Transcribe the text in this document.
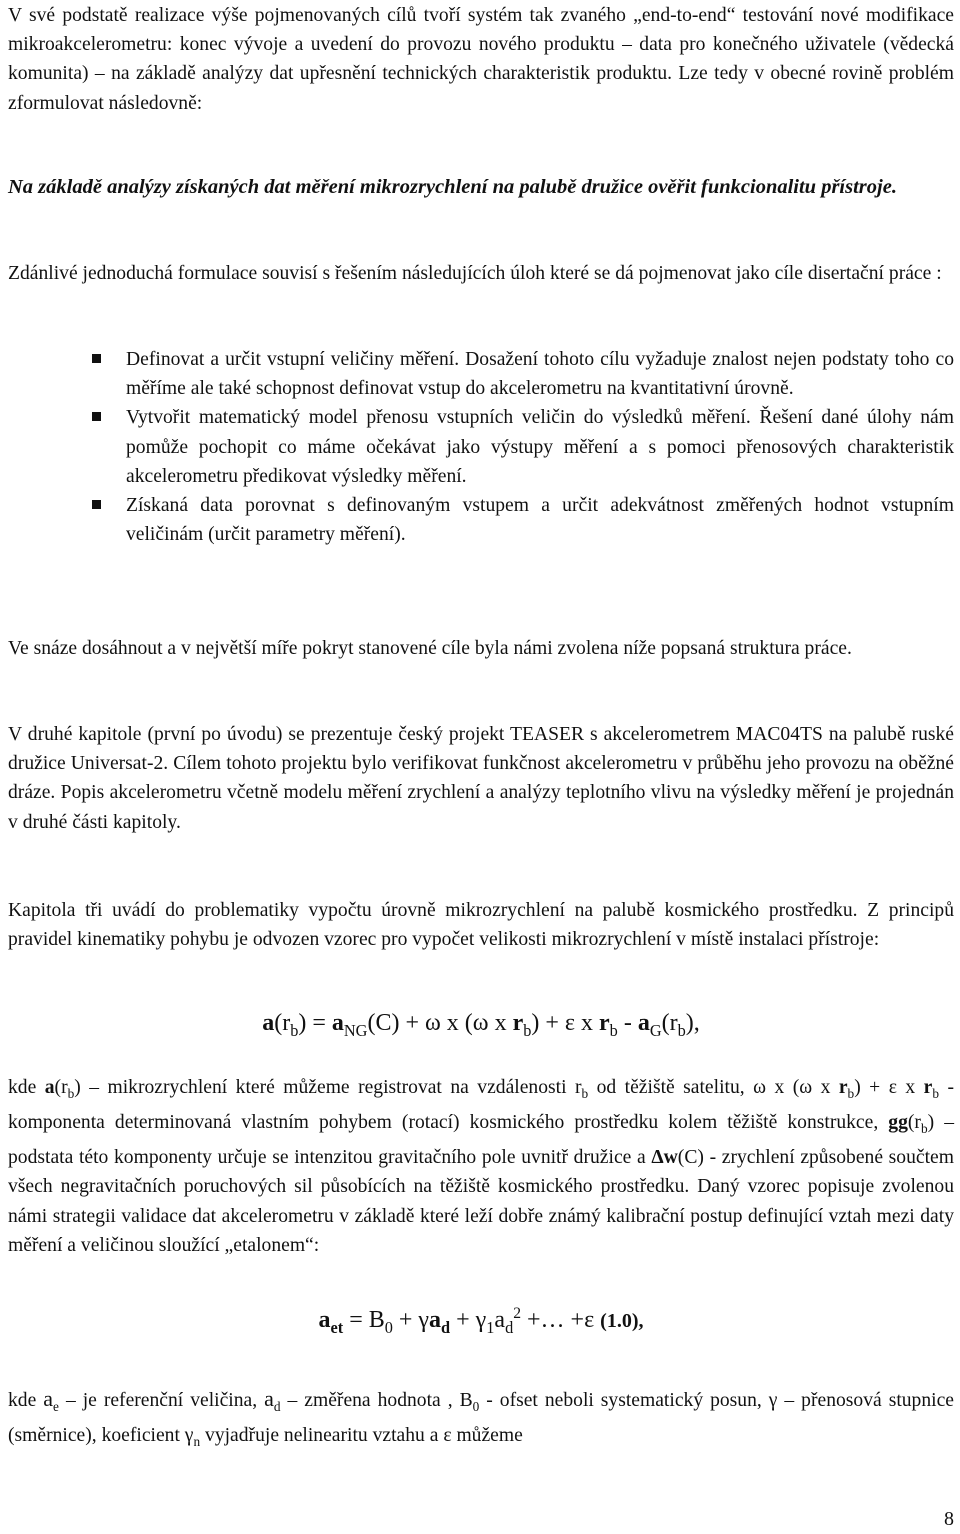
V své podstatě realizace výše pojmenovaných cílů tvoří systém tak zvaného „end-to-end“ testování nové modifikace mikroakcelerometru: konec vývoje a uvedení do provozu nového produktu – data pro konečného uživatele (vědecká komunita) – na základě analýzy dat upřesnění technických charakteristik produktu. Lze tedy v obecné rovině problém zformulovat následovně:

Na základě analýzy získaných dat měření mikrozrychlení na palubě družice ověřit funkcionalitu přístroje.

Zdánlivé jednoduchá formulace souvisí s řešením následujících úloh které se dá pojmenovat jako cíle disertační práce :

Definovat a určit vstupní veličiny měření. Dosažení tohoto cílu vyžaduje znalost nejen podstaty toho co měříme ale také schopnost definovat vstup do akcelerometru na kvantitativní úrovně.
Vytvořit matematický model přenosu vstupních veličin do výsledků měření. Řešení dané úlohy nám pomůže pochopit co máme očekávat jako výstupy měření a s pomoci přenosových charakteristik akcelerometru předikovat výsledky měření.
Získaná data porovnat s definovaným vstupem a určit adekvátnost změřených hodnot vstupním veličinám (určit parametry měření).

Ve snáze dosáhnout a v největší míře pokryt stanovené cíle byla námi zvolena níže popsaná struktura práce.

V druhé kapitole (první po úvodu) se prezentuje český projekt TEASER s akcelerometrem MAC04TS na palubě ruské družice Universat-2. Cílem tohoto projektu bylo verifikovat funkčnost akcelerometru v průběhu jeho provozu na oběžné dráze. Popis akcelerometru včetně modelu měření zrychlení a analýzy teplotního vlivu na výsledky měření je projednán v druhé části kapitoly.

Kapitola tři uvádí do problematiky vypočtu úrovně mikrozrychlení na palubě kosmického prostředku. Z principů pravidel kinematiky pohybu je odvozen vzorec pro vypočet velikosti mikrozrychlení v místě instalaci přístroje:

$a(r_b) = a_{NG}(C) + \omega$ x (ω x $r_b) + \varepsilon$ x $r_b - a_G(r_b)$,

kde $a(r_b)$ – mikrozrychlení které můžeme registrovat na vzdálenosti $r_b$ od těžiště satelitu, ω x (ω x $r_b) + \varepsilon$ x $r_b$ - komponenta determinovaná vlastním pohybem (rotací) kosmického prostředku kolem těžiště konstrukce, $gg(r_b)$ – podstata této komponenty určuje se intenzitou gravitačního pole uvnitř družice a Δw(C) - zrychlení způsobené součtem všech negravitačních poruchových sil působících na těžiště kosmického prostředku. Daný vzorec popisuje zvolenou námi strategii validace dat akcelerometru v základě které leží dobře známý kalibrační postup definující vztah mezi daty měření a veličinou sloužící „etalonem“:

$a_{et} = B_0 + \gamma a_d + \gamma_1a_d^2$ +… +ε (1.0),

kde $a_e$ – je referenční veličina, $a_d$ – změřena hodnota , $B_0$ - ofset neboli systematický posun, γ – přenosová stupnice (směrnice), koeficient $\gamma_n$ vyjadřuje nelinearitu vztahu a ε můžeme

8
